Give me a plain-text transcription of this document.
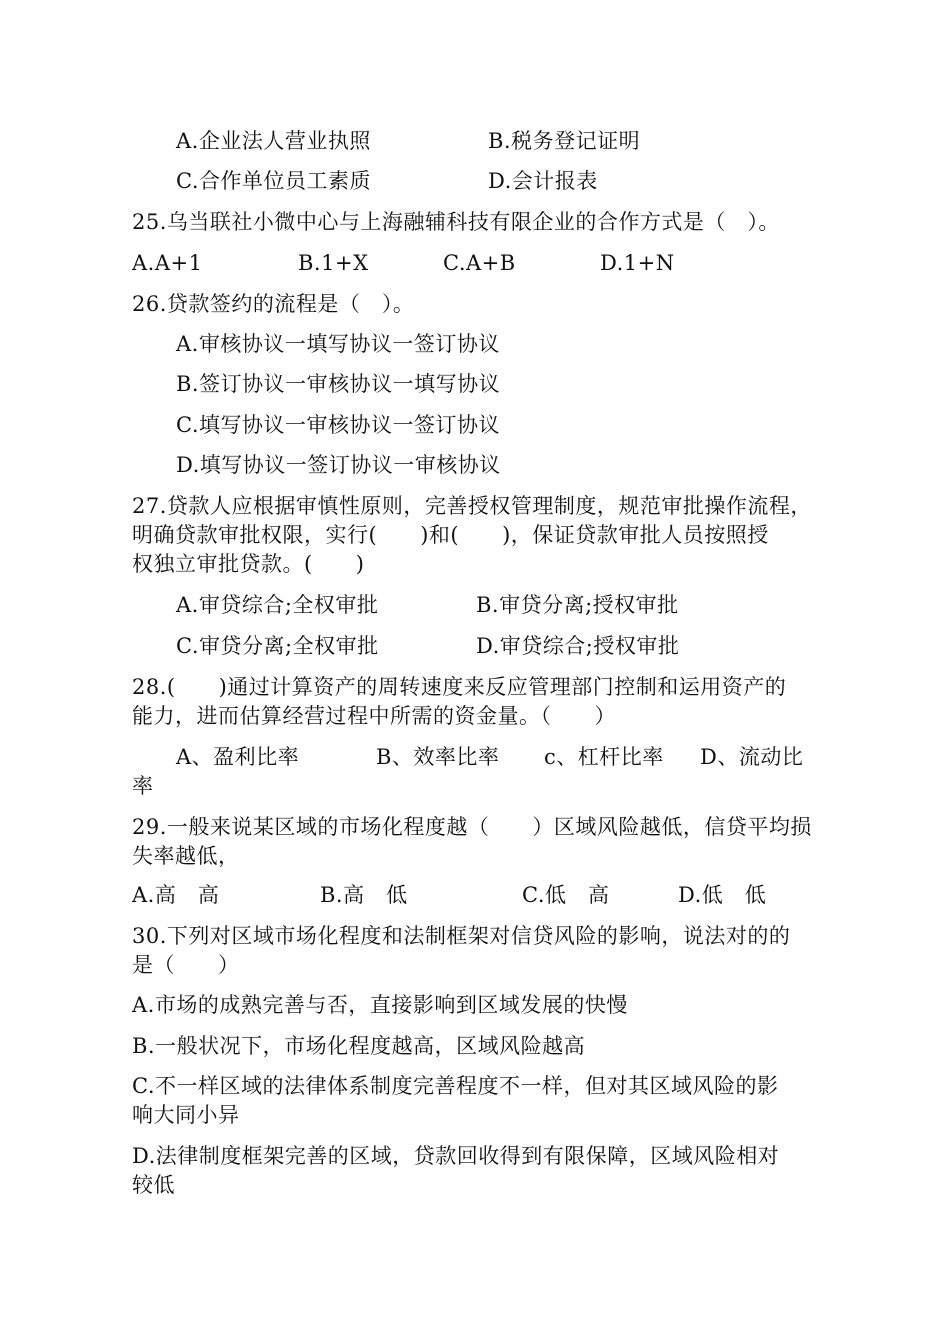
A.企业法人营业执照	B.税务登记证明
C.合作单位员工素质	D.会计报表
25.乌当联社小微中心与上海融辅科技有限企业的合作方式是（　）。
A.A+1	B.1+X	C.A+B	D.1+N
26.贷款签约的流程是（　）。
A.审核协议一填写协议一签订协议
B.签订协议一审核协议一填写协议
C.填写协议一审核协议一签订协议
D.填写协议一签订协议一审核协议
27.贷款人应根据审慎性原则，完善授权管理制度，规范审批操作流程，
明确贷款审批权限，实行(　　)和(　　)，保证贷款审批人员按照授
权独立审批贷款。(　　)
A.审贷综合;全权审批	B.审贷分离;授权审批
C.审贷分离;全权审批	D.审贷综合;授权审批
28.(　　)通过计算资产的周转速度来反应管理部门控制和运用资产的
能力，进而估算经营过程中所需的资金量。（　　）
A、盈利比率	B、效率比率 c、杠杆比率 D、流动比
率
29.一般来说某区域的市场化程度越（　　）区域风险越低，信贷平均损
失率越低，
A.高　高	B.高　低	C.低　高	D.低　低
30.下列对区域市场化程度和法制框架对信贷风险的影响，说法对的的
是（　　）
A.市场的成熟完善与否，直接影响到区域发展的快慢
B.一般状况下，市场化程度越高，区域风险越高
C.不一样区域的法律体系制度完善程度不一样，但对其区域风险的影
响大同小异
D.法律制度框架完善的区域，贷款回收得到有限保障，区域风险相对
较低
